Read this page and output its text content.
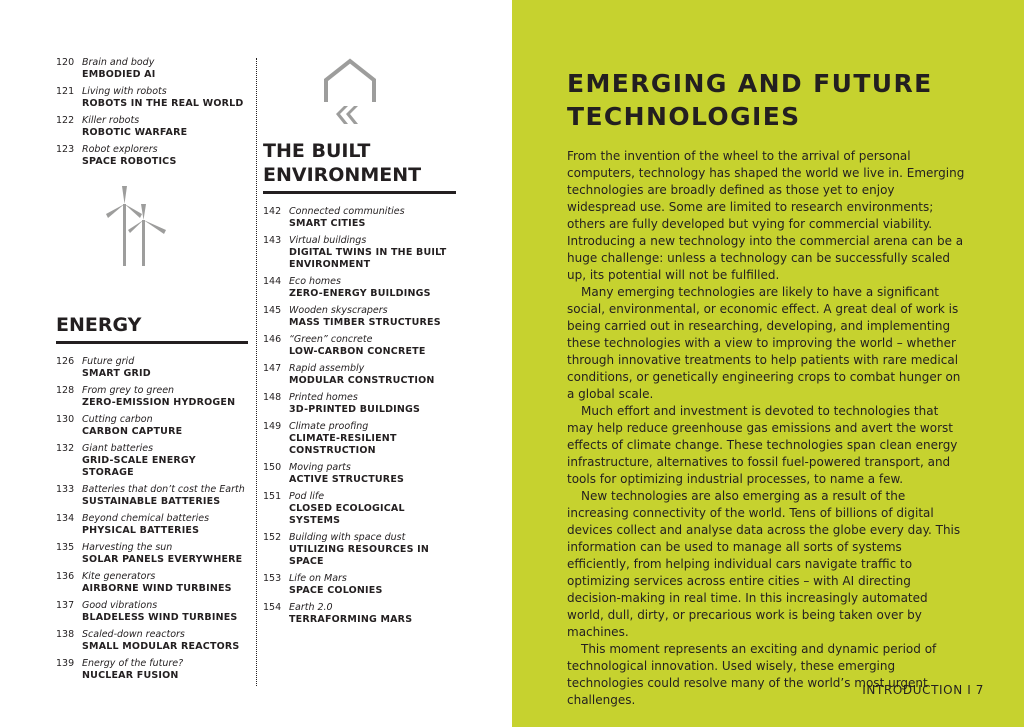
120 Brain and body
EMBODIED AI
121 Living with robots
ROBOTS IN THE REAL WORLD
122 Killer robots
ROBOTIC WARFARE
123 Robot explorers
SPACE ROBOTICS
ENERGY
126 Future grid
SMART GRID
128 From grey to green
ZERO-EMISSION HYDROGEN
130 Cutting carbon
CARBON CAPTURE
132 Giant batteries
GRID-SCALE ENERGY STORAGE
133 Batteries that don’t cost the Earth
SUSTAINABLE BATTERIES
134 Beyond chemical batteries
PHYSICAL BATTERIES
135 Harvesting the sun
SOLAR PANELS EVERYWHERE
136 Kite generators
AIRBORNE WIND TURBINES
137 Good vibrations
BLADELESS WIND TURBINES
138 Scaled-down reactors
SMALL MODULAR REACTORS
139 Energy of the future?
NUCLEAR FUSION
THE BUILT ENVIRONMENT
142 Connected communities
SMART CITIES
143 Virtual buildings
DIGITAL TWINS IN THE BUILT ENVIRONMENT
144 Eco homes
ZERO-ENERGY BUILDINGS
145 Wooden skyscrapers
MASS TIMBER STRUCTURES
146 “Green” concrete
LOW-CARBON CONCRETE
147 Rapid assembly
MODULAR CONSTRUCTION
148 Printed homes
3D-PRINTED BUILDINGS
149 Climate proofing
CLIMATE-RESILIENT CONSTRUCTION
150 Moving parts
ACTIVE STRUCTURES
151 Pod life
CLOSED ECOLOGICAL SYSTEMS
152 Building with space dust
UTILIZING RESOURCES IN SPACE
153 Life on Mars
SPACE COLONIES
154 Earth 2.0
TERRAFORMING MARS
EMERGING AND FUTURE TECHNOLOGIES

From the invention of the wheel to the arrival of personal computers, technology has shaped the world we live in. Emerging technologies are broadly defined as those yet to enjoy widespread use. Some are limited to research environments; others are fully developed but vying for commercial viability. Introducing a new technology into the commercial arena can be a huge challenge: unless a technology can be successfully scaled up, its potential will not be fulfilled.

Many emerging technologies are likely to have a significant social, environmental, or economic effect. A great deal of work is being carried out in researching, developing, and implementing these technologies with a view to improving the world – whether through innovative treatments to help patients with rare medical conditions, or genetically engineering crops to combat hunger on a global scale.

Much effort and investment is devoted to technologies that may help reduce greenhouse gas emissions and avert the worst effects of climate change. These technologies span clean energy infrastructure, alternatives to fossil fuel-powered transport, and tools for optimizing industrial processes, to name a few.

New technologies are also emerging as a result of the increasing connectivity of the world. Tens of billions of digital devices collect and analyse data across the globe every day. This information can be used to manage all sorts of systems efficiently, from helping individual cars navigate traffic to optimizing services across entire cities – with AI directing decision-making in real time. In this increasingly automated world, dull, dirty, or precarious work is being taken over by machines.

This moment represents an exciting and dynamic period of technological innovation. Used wisely, these emerging technologies could resolve many of the world’s most urgent challenges.

INTRODUCTION I 7
